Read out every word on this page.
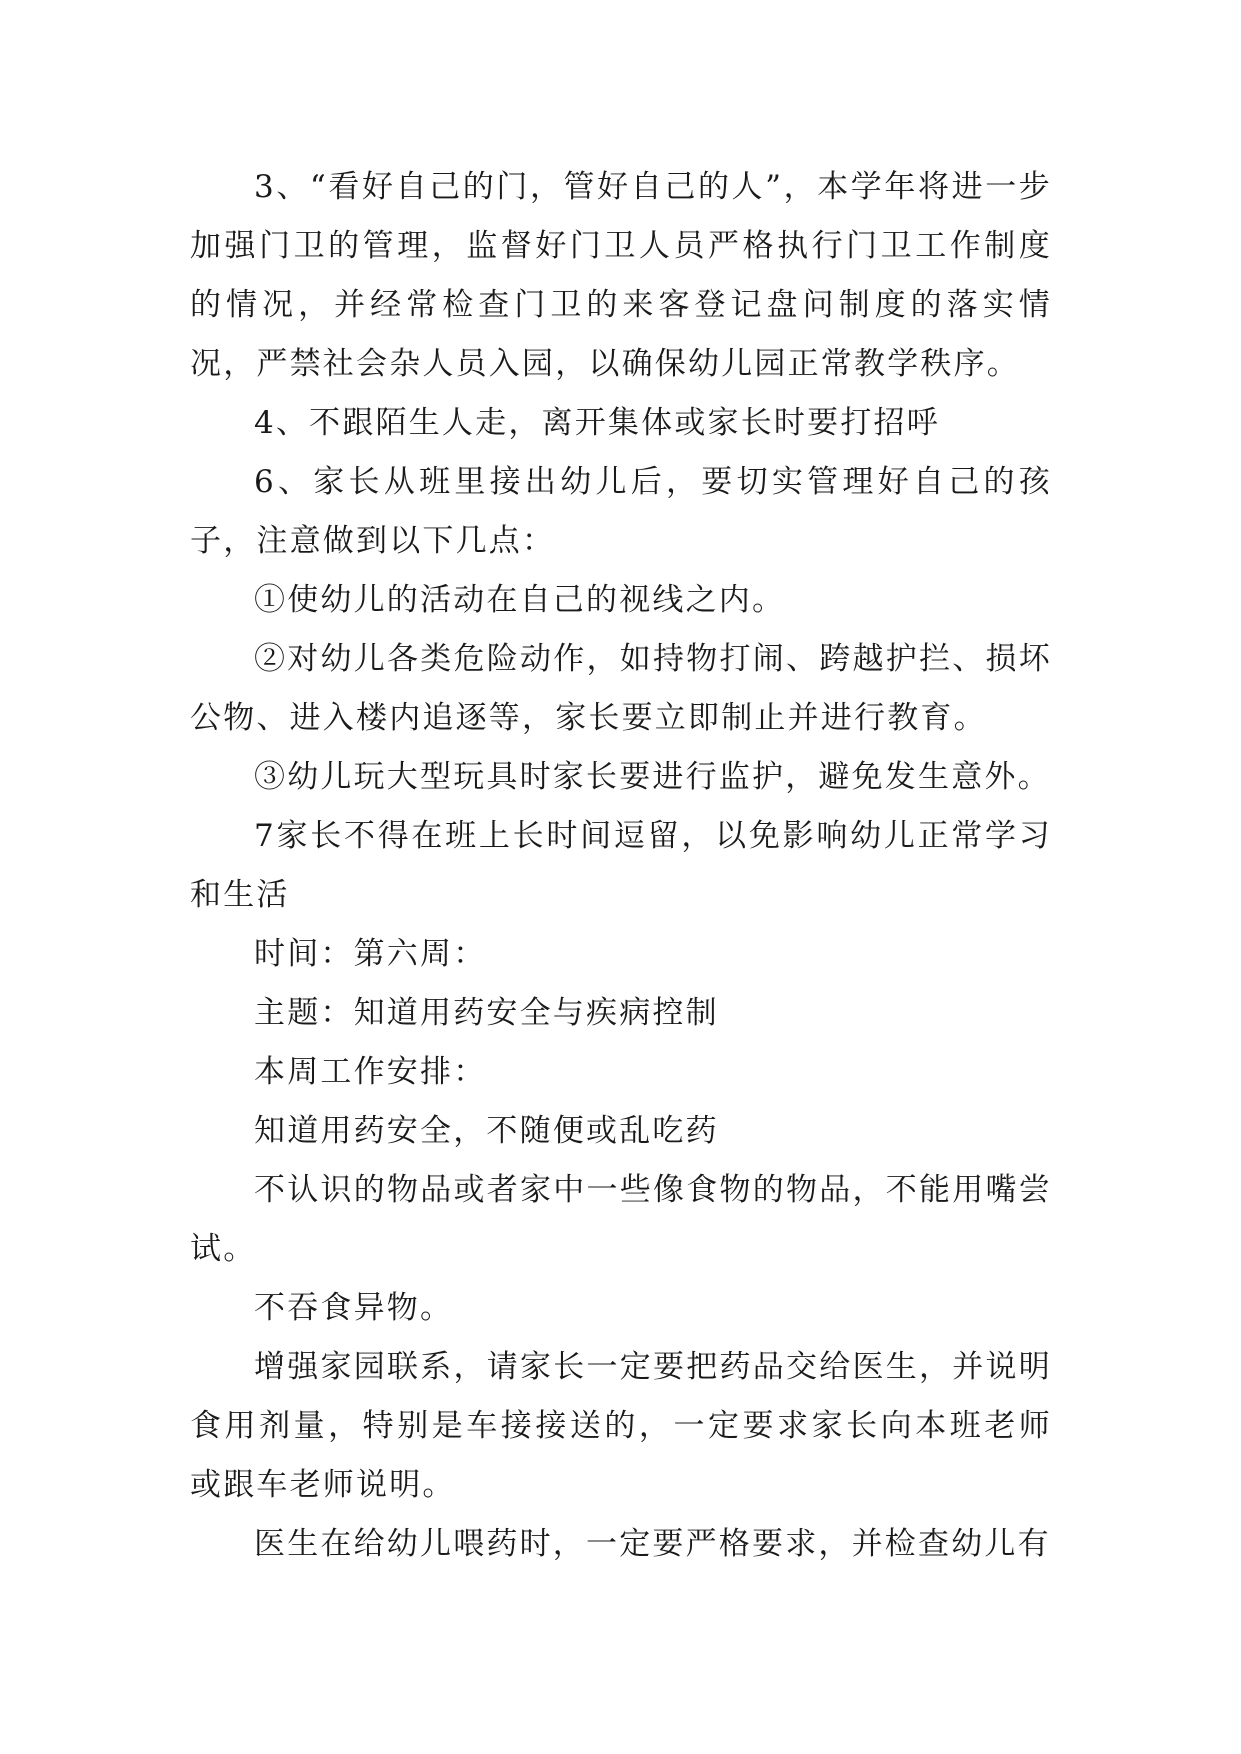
3、“看好自己的门，管好自己的人”，本学年将进一步加强门卫的管理，监督好门卫人员严格执行门卫工作制度的情况，并经常检查门卫的来客登记盘问制度的落实情况，严禁社会杂人员入园，以确保幼儿园正常教学秩序。

4、不跟陌生人走，离开集体或家长时要打招呼

6、家长从班里接出幼儿后，要切实管理好自己的孩子，注意做到以下几点：

①使幼儿的活动在自己的视线之内。

②对幼儿各类危险动作，如持物打闹、跨越护拦、损坏公物、进入楼内追逐等，家长要立即制止并进行教育。

③幼儿玩大型玩具时家长要进行监护，避免发生意外。

7家长不得在班上长时间逗留，以免影响幼儿正常学习和生活

时间：第六周：

主题：知道用药安全与疾病控制

本周工作安排：

知道用药安全，不随便或乱吃药

不认识的物品或者家中一些像食物的物品，不能用嘴尝试。

不吞食异物。

增强家园联系，请家长一定要把药品交给医生，并说明食用剂量，特别是车接接送的，一定要求家长向本班老师或跟车老师说明。

医生在给幼儿喂药时，一定要严格要求，并检查幼儿有
